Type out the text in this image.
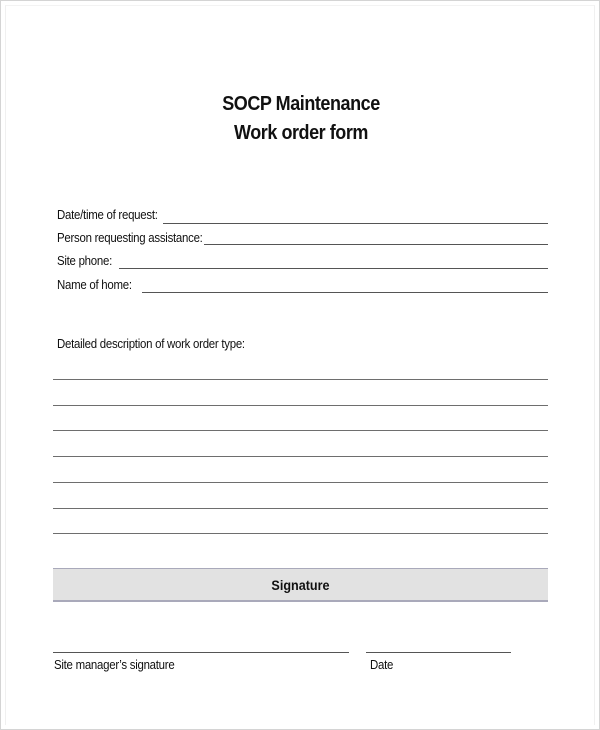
SOCP Maintenance
Work order form
Date/time of request:
Person requesting assistance:
Site phone:
Name of home:
Detailed description of work order type:
Signature
Site manager’s signature	Date
